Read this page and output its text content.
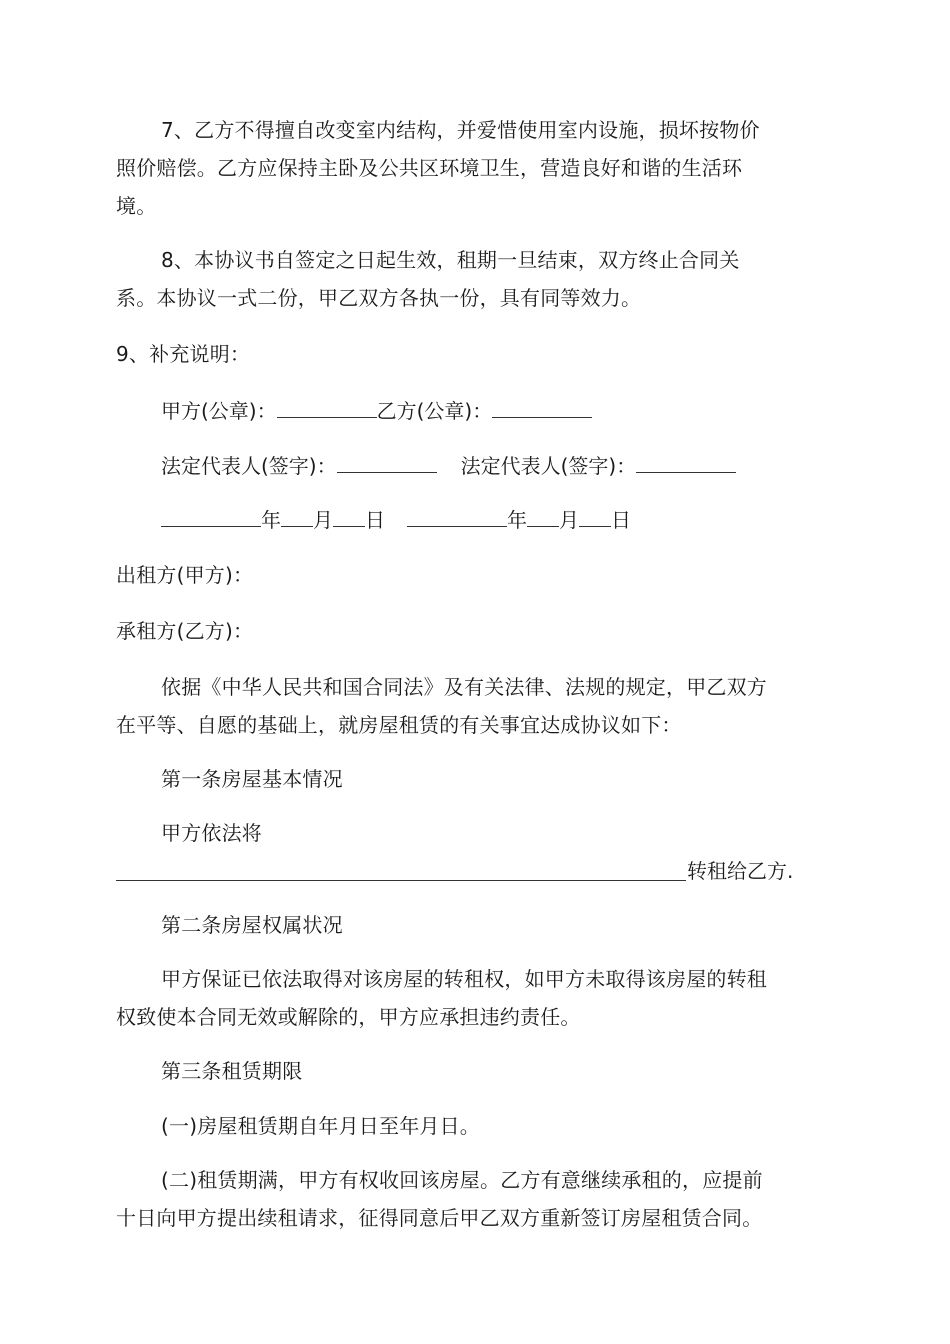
7、乙方不得擅自改变室内结构，并爱惜使用室内设施，损坏按物价
照价赔偿。乙方应保持主卧及公共区环境卫生，营造良好和谐的生活环
境。

8、本协议书自签定之日起生效，租期一旦结束，双方终止合同关
系。本协议一式二份，甲乙双方各执一份，具有同等效力。

9、补充说明：

甲方(公章)：	乙方(公章)：
法定代表人(签字)：	法定代表人(签字)：
年 月 日	年 月 日

出租方(甲方)：

承租方(乙方)：

依据《中华人民共和国合同法》及有关法律、法规的规定，甲乙双方
在平等、自愿的基础上，就房屋租赁的有关事宜达成协议如下：

第一条房屋基本情况

甲方依法将

转租给乙方.

第二条房屋权属状况

甲方保证已依法取得对该房屋的转租权，如甲方未取得该房屋的转租
权致使本合同无效或解除的，甲方应承担违约责任。

第三条租赁期限

(一)房屋租赁期自年月日至年月日。

(二)租赁期满，甲方有权收回该房屋。乙方有意继续承租的，应提前
十日向甲方提出续租请求，征得同意后甲乙双方重新签订房屋租赁合同。
